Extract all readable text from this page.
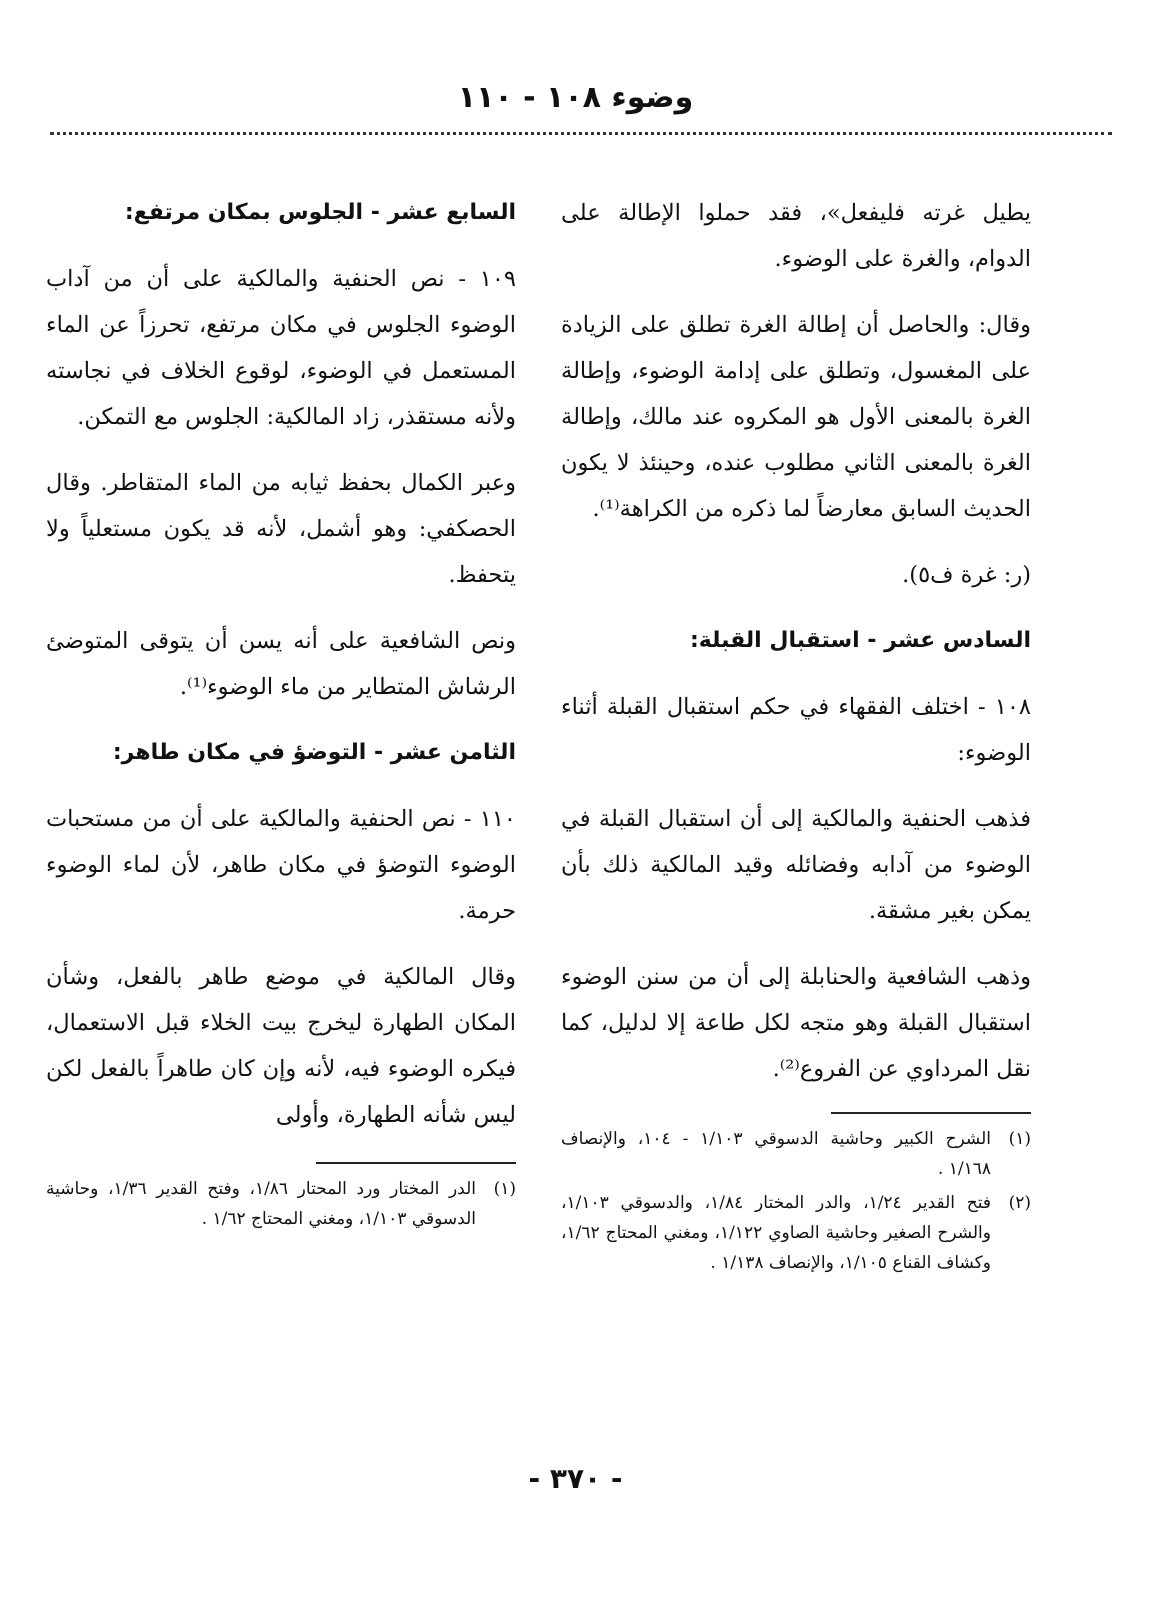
وضوء ١٠٨ - ١١٠

يطيل غرته فليفعل»، فقد حملوا الإطالة على الدوام، والغرة على الوضوء.

وقال: والحاصل أن إطالة الغرة تطلق على الزيادة على المغسول، وتطلق على إدامة الوضوء، وإطالة الغرة بالمعنى الأول هو المكروه عند مالك، وإطالة الغرة بالمعنى الثاني مطلوب عنده، وحينئذ لا يكون الحديث السابق معارضاً لما ذكره من الكراهة⁽¹⁾.

(ر: غرة ف٥).

السادس عشر - استقبال القبلة:

١٠٨ - اختلف الفقهاء في حكم استقبال القبلة أثناء الوضوء:

فذهب الحنفية والمالكية إلى أن استقبال القبلة في الوضوء من آدابه وفضائله وقيد المالكية ذلك بأن يمكن بغير مشقة.

وذهب الشافعية والحنابلة إلى أن من سنن الوضوء استقبال القبلة وهو متجه لكل طاعة إلا لدليل، كما نقل المرداوي عن الفروع⁽²⁾.

(١)
الشرح الكبير وحاشية الدسوقي ١/١٠٣ - ١٠٤، والإنصاف ١/١٦٨ .
(٢)
فتح القدير ١/٢٤، والدر المختار ١/٨٤، والدسوقي ١/١٠٣، والشرح الصغير وحاشية الصاوي ١/١٢٢، ومغني المحتاج ١/٦٢، وكشاف القناع ١/١٠٥، والإنصاف ١/١٣٨ .

السابع عشر - الجلوس بمكان مرتفع:

١٠٩ - نص الحنفية والمالكية على أن من آداب الوضوء الجلوس في مكان مرتفع، تحرزاً عن الماء المستعمل في الوضوء، لوقوع الخلاف في نجاسته ولأنه مستقذر، زاد المالكية: الجلوس مع التمكن.

وعبر الكمال بحفظ ثيابه من الماء المتقاطر. وقال الحصكفي: وهو أشمل، لأنه قد يكون مستعلياً ولا يتحفظ.

ونص الشافعية على أنه يسن أن يتوقى المتوضئ الرشاش المتطاير من ماء الوضوء⁽¹⁾.

الثامن عشر - التوضؤ في مكان طاهر:

١١٠ - نص الحنفية والمالكية على أن من مستحبات الوضوء التوضؤ في مكان طاهر، لأن لماء الوضوء حرمة.

وقال المالكية في موضع طاهر بالفعل، وشأن المكان الطهارة ليخرج بيت الخلاء قبل الاستعمال، فيكره الوضوء فيه، لأنه وإن كان طاهراً بالفعل لكن ليس شأنه الطهارة، وأولى

(١)
الدر المختار ورد المحتار ١/٨٦، وفتح القدير ١/٣٦، وحاشية الدسوقي ١/١٠٣، ومغني المحتاج ١/٦٢ .
- ٣٧٠ -
